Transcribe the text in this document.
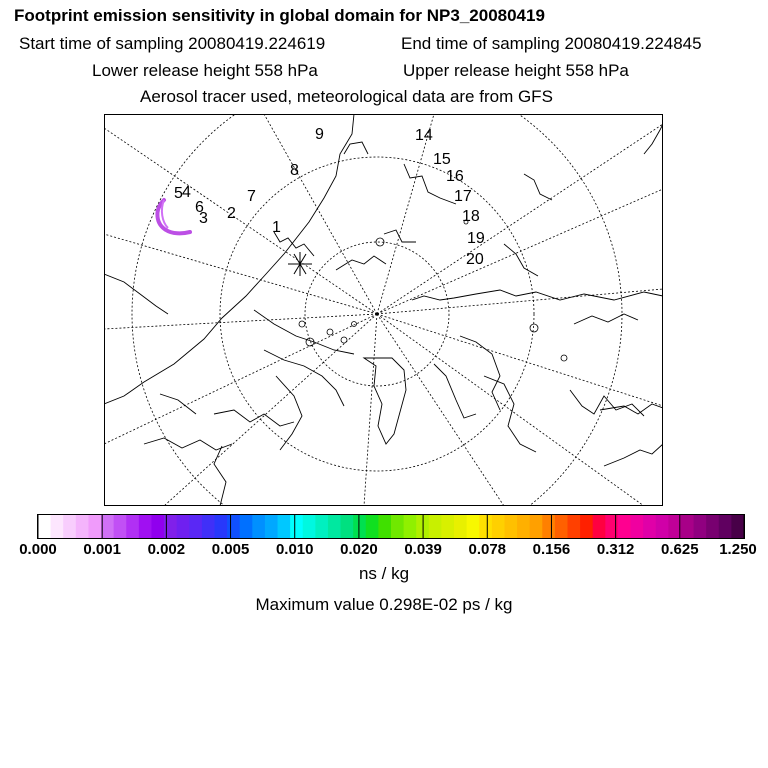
Footprint emission sensitivity in global domain for NP3_20080419
Start time of sampling 20080419.224619	End time of sampling 20080419.224845
Lower release height 558 hPa	Upper release height 558 hPa
Aerosol tracer used, meteorological data are from GFS
1
2
3
4
5
6
7
8
9	14
15
16
17
18
19
20
0.000 0.001 0.002 0.005 0.010 0.020 0.039 0.078 0.156 0.312 0.625 1.250
ns / kg
Maximum value 0.298E-02 ps / kg
